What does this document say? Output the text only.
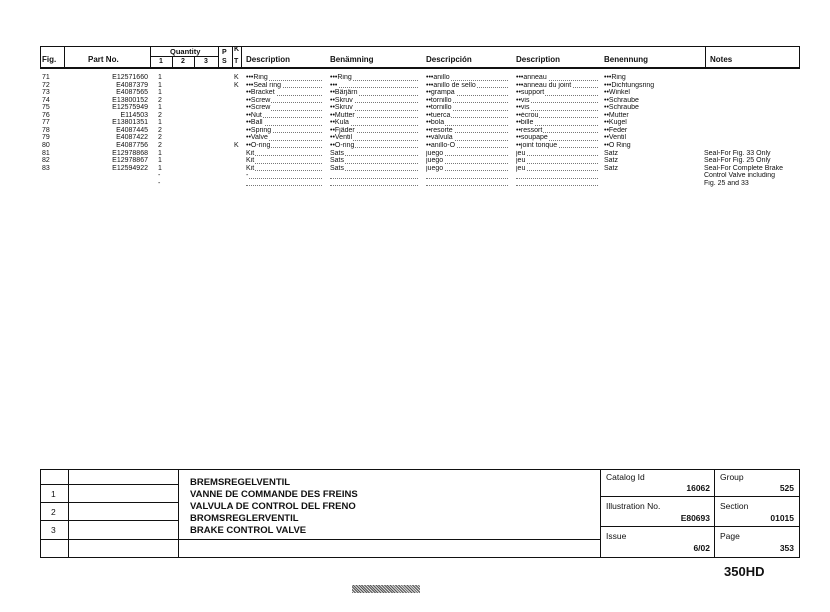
Fig.	Part No.
Quantity
1	2	3
P
S
K
T Description	Benämning	Descripción	Description	Benennung	Notes
71	E12571660 1	K	•••Ring	•••Ring	•••anillo	•••anneau	•••Ring
72	E4087379 1	K	•••Seal ring	•••	•••anillo de sello	•••anneau du joint	•••Dichtungsring
73	E4087565 1	••Bracket	••Bärjärn	••grampa	••support	••Winkel
74	E13800152 2	••Screw	••Skruv	••tornillo	••vis	••Schraube
75	E12575949 1	••Screw	••Skruv	••tornillo	••vis	••Schraube
76	E114503 2	••Nut	••Mutter	••tuerca	••écrou	••Mutter
77	E13801351 1	••Ball	••Kula	••bola	••bille	••Kugel
78	E4087445 2	••Spring	••Fjäder	••resorte	••ressort	••Feder
79	E4087422 2	••Valve	••Ventil	••válvula	••soupape	••Ventil
80	E4087756 2	K	••O-ring	••O-ring	••anillo-O	••joint torique	••O Ring
81	E12978868 1	Kit	Sats	juego	jeu	Satz	Seal-For Fig. 33 Only
82	E12978867 1	Kit	Sats	juego	jeu	Satz	Seal-For Fig. 25 Only
83	E12594922 1	Kit	Sats	juego	jeu	Satz	Seal-For Complete Brake
-	-	Control Valve including
-	Fig. 25 and 33
1
2
3
BREMSREGELVENTIL
VANNE DE COMMANDE DES FREINS
VALVULA DE CONTROL DEL FRENO
BROMSREGLERVENTIL
BRAKE CONTROL VALVE
Catalog Id
16062
Group
525
Illustration No.
E80693
Section
01015
Issue
6/02
Page
353
350HD
